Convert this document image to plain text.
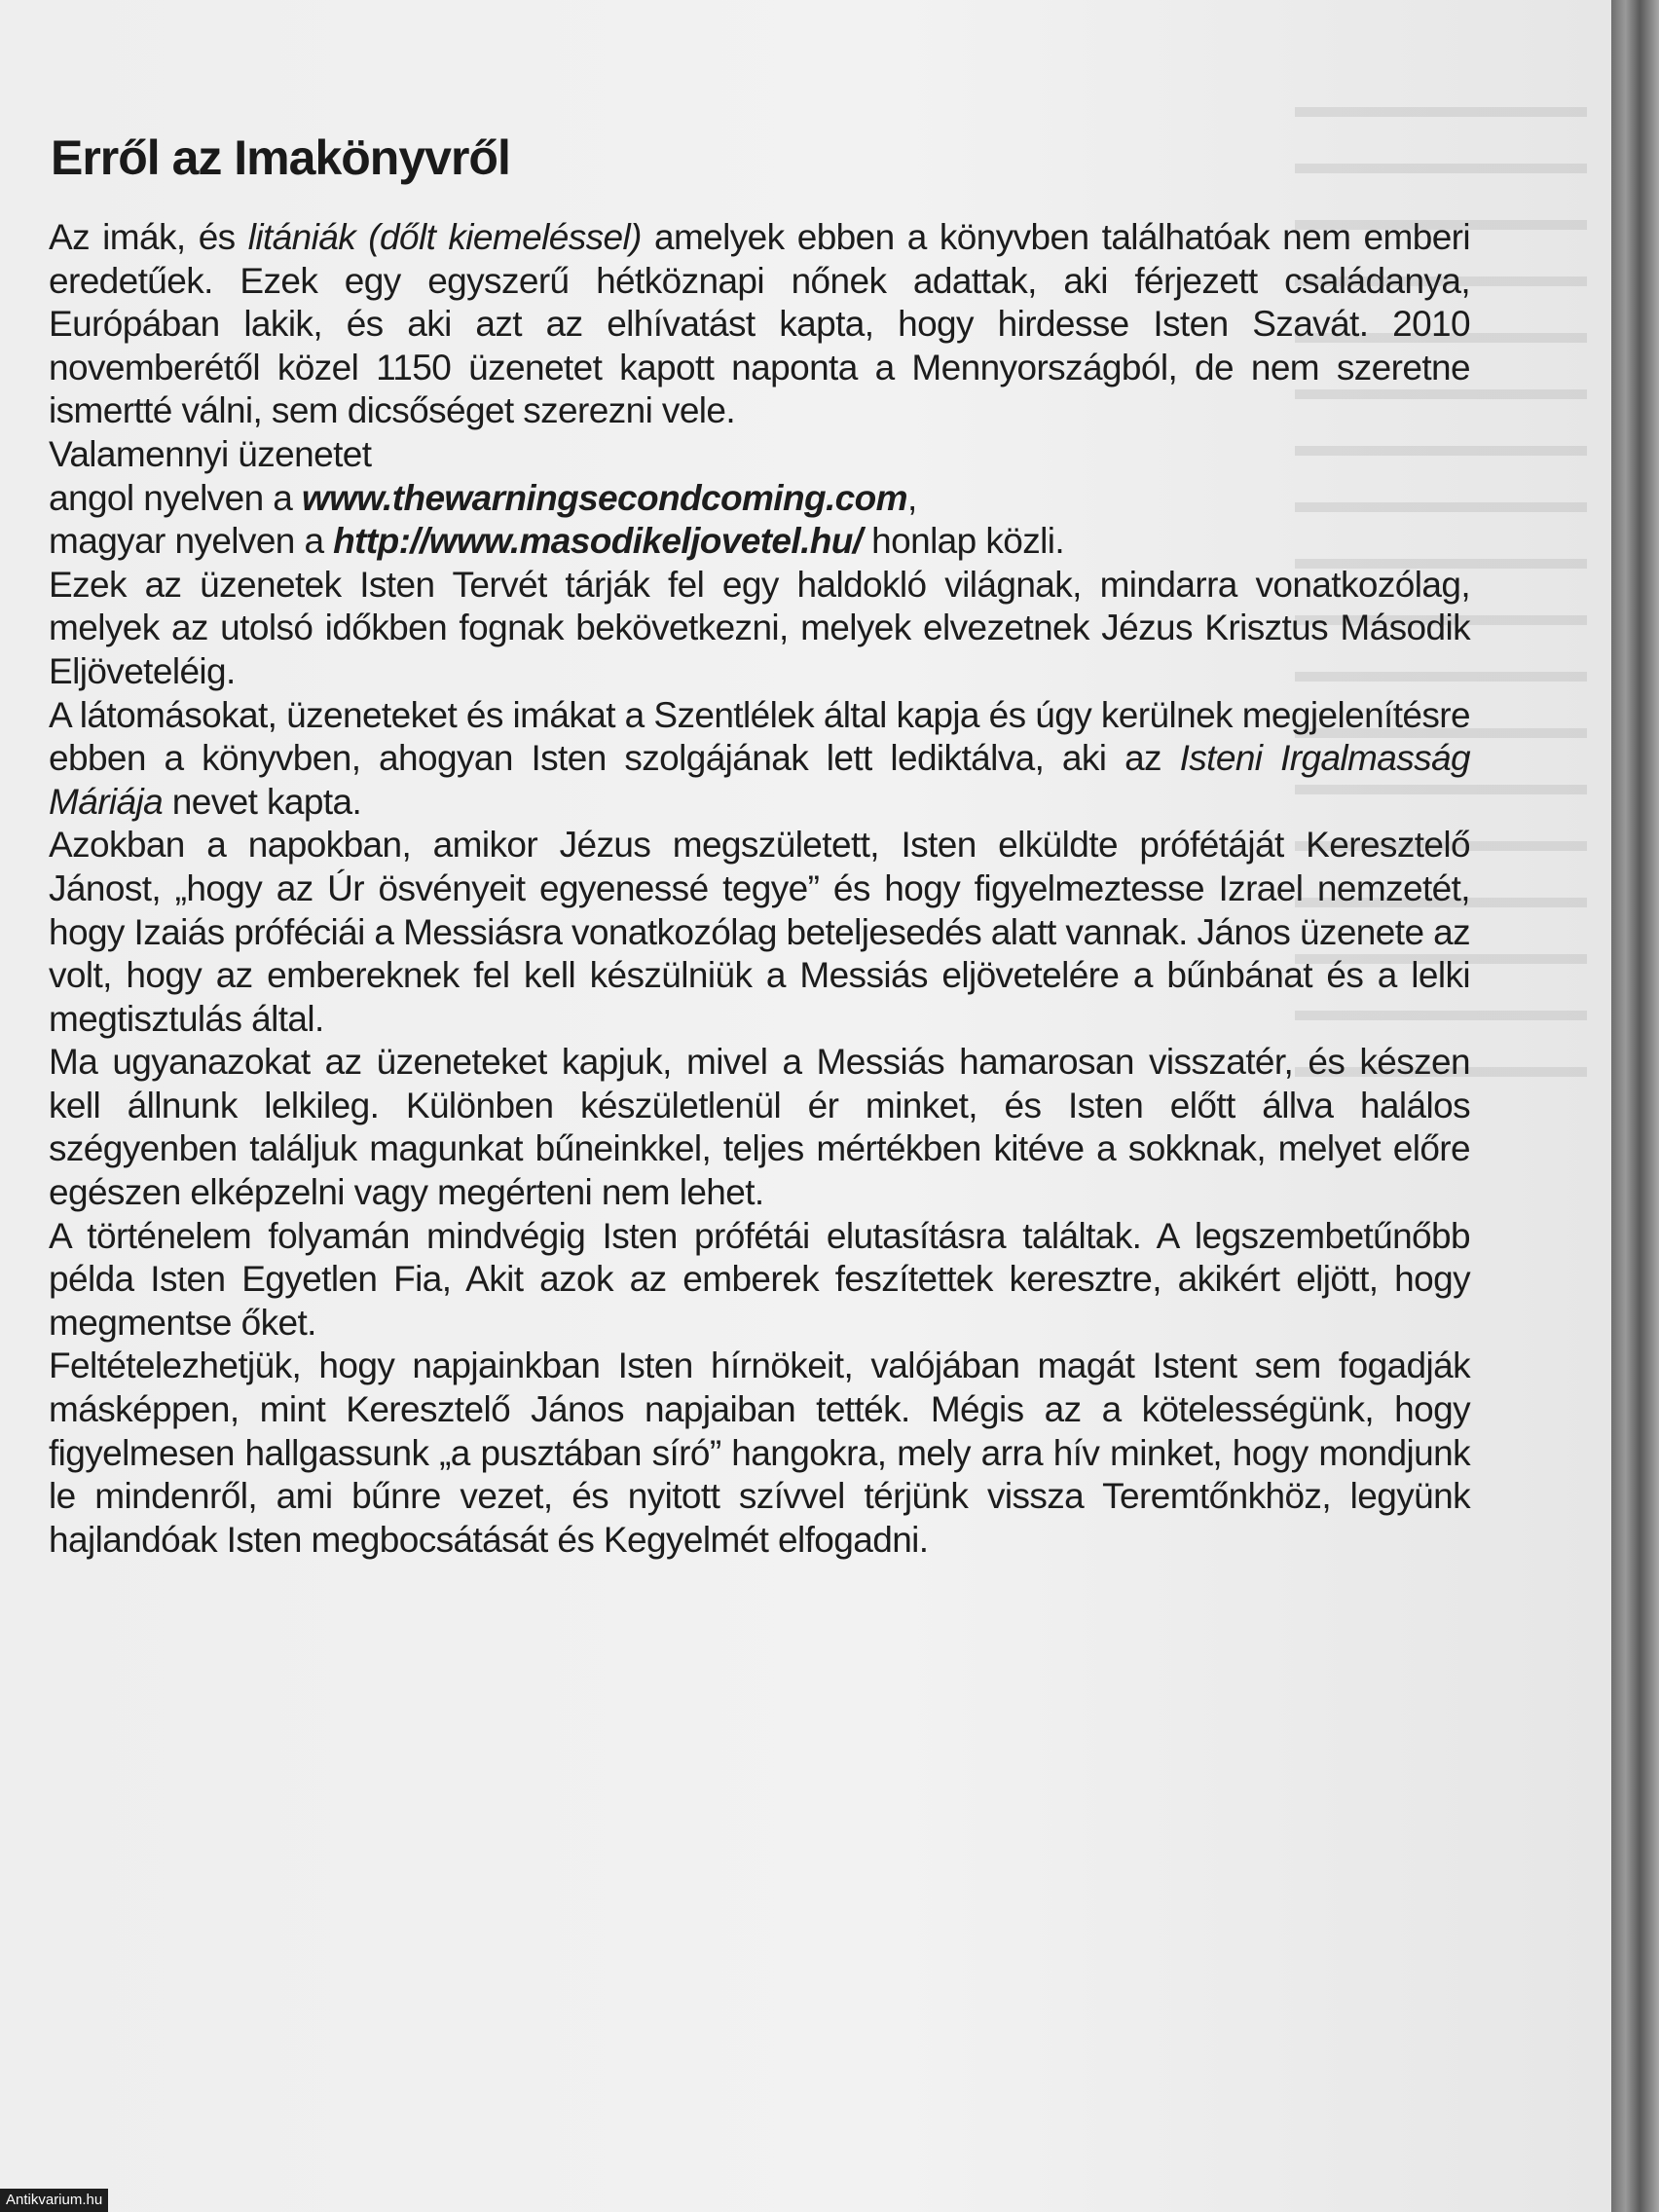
Erről az Imakönyvről

Az imák, és litániák (dőlt kiemeléssel) amelyek ebben a könyvben találhatóak nem emberi eredetűek. Ezek egy egyszerű hétköznapi nőnek adattak, aki férjezett családanya, Európában lakik, és aki azt az elhívatást kapta, hogy hirdesse Isten Szavát. 2010 novemberétől közel 1150 üzenetet kapott naponta a Mennyországból, de nem szeretne ismertté válni, sem dicsőséget szerezni vele.

Valamennyi üzenetet
angol nyelven a www.thewarningsecondcoming.com,
magyar nyelven a http://www.masodikeljovetel.hu/ honlap közli.

Ezek az üzenetek Isten Tervét tárják fel egy haldokló világnak, mindarra vonatkozólag, melyek az utolsó időkben fognak bekövetkezni, melyek elvezetnek Jézus Krisztus Második Eljöveteléig.

A látomásokat, üzeneteket és imákat a Szentlélek által kapja és úgy kerülnek megjelenítésre ebben a könyvben, ahogyan Isten szolgájának lett lediktálva, aki az Isteni Irgalmasság Máriája nevet kapta.

Azokban a napokban, amikor Jézus megszületett, Isten elküldte prófétáját Keresztelő Jánost, „hogy az Úr ösvényeit egyenessé tegye” és hogy figyelmeztesse Izrael nemzetét, hogy Izaiás próféciái a Messiásra vonatkozólag beteljesedés alatt vannak. János üzenete az volt, hogy az embereknek fel kell készülniük a Messiás eljövetelére a bűnbánat és a lelki megtisztulás által.

Ma ugyanazokat az üzeneteket kapjuk, mivel a Messiás hamarosan visszatér, és készen kell állnunk lelkileg. Különben készületlenül ér minket, és Isten előtt állva halálos szégyenben találjuk magunkat bűneinkkel, teljes mértékben kitéve a sokknak, melyet előre egészen elképzelni vagy megérteni nem lehet.

A történelem folyamán mindvégig Isten prófétái elutasításra találtak. A legszembetűnőbb példa Isten Egyetlen Fia, Akit azok az emberek feszítettek keresztre, akikért eljött, hogy megmentse őket.

Feltételezhetjük, hogy napjainkban Isten hírnökeit, valójában magát Istent sem fogadják másképpen, mint Keresztelő János napjaiban tették. Mégis az a kötelességünk, hogy figyelmesen hallgassunk „a pusztában síró” hangokra, mely arra hív minket, hogy mondjunk le mindenről, ami bűnre vezet, és nyitott szívvel térjünk vissza Teremtőnkhöz, legyünk hajlandóak Isten megbocsátását és Kegyelmét elfogadni.

Antikvarium.hu
